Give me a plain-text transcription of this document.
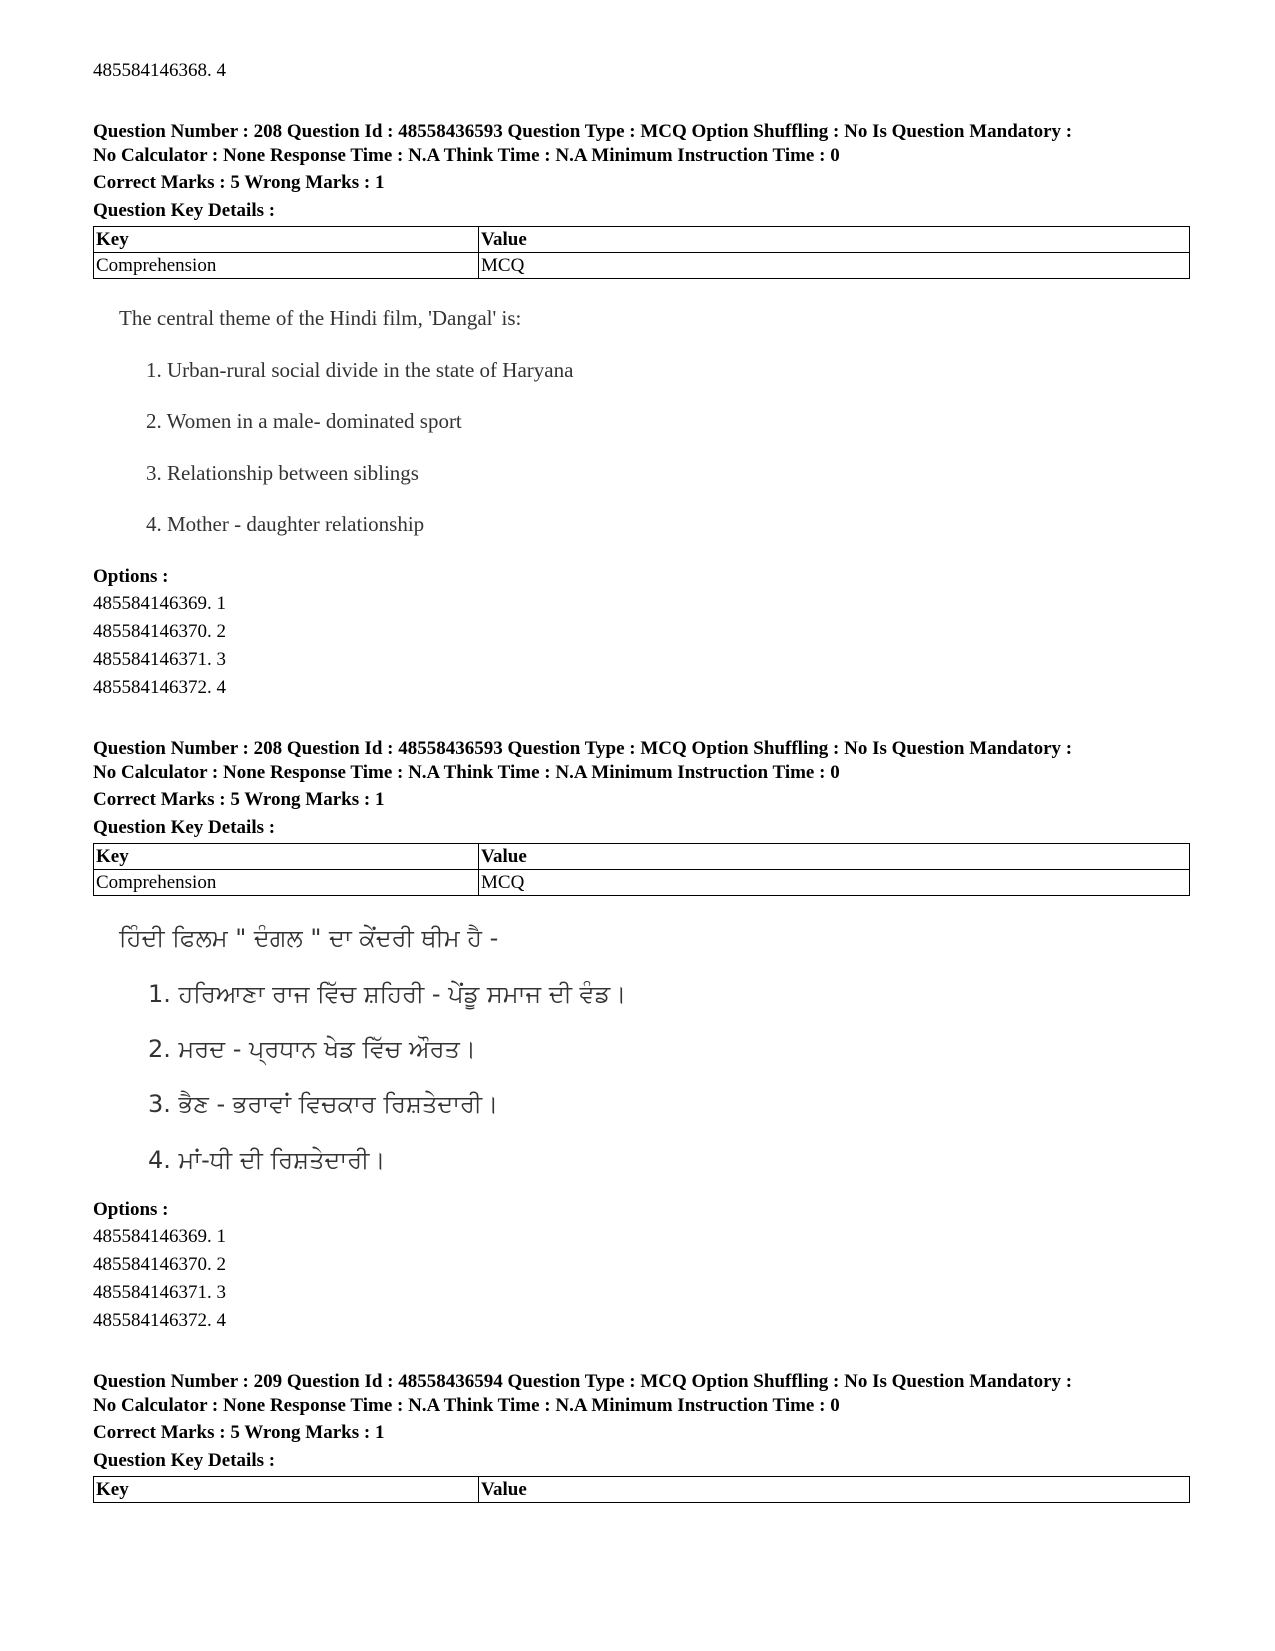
485584146368. 4
Question Number : 208 Question Id : 48558436593 Question Type : MCQ Option Shuffling : No Is Question Mandatory :
No Calculator : None Response Time : N.A Think Time : N.A Minimum Instruction Time : 0
Correct Marks : 5 Wrong Marks : 1
Question Key Details :
Key	Value
Comprehension	MCQ
The central theme of the Hindi film, 'Dangal' is:
1. Urban-rural social divide in the state of Haryana
2. Women in a male- dominated sport
3. Relationship between siblings
4. Mother - daughter relationship
Options :
485584146369. 1
485584146370. 2
485584146371. 3
485584146372. 4
Question Number : 208 Question Id : 48558436593 Question Type : MCQ Option Shuffling : No Is Question Mandatory :
No Calculator : None Response Time : N.A Think Time : N.A Minimum Instruction Time : 0
Correct Marks : 5 Wrong Marks : 1
Question Key Details :
Key	Value
Comprehension	MCQ
ਹਿੰਦੀ ਫਿਲਮ " ਦੰਗਲ " ਦਾ ਕੇਂਦਰੀ ਥੀਮ ਹੈ -
1. ਹਰਿਆਣਾ ਰਾਜ ਵਿੱਚ ਸ਼ਹਿਰੀ - ਪੇਂਡੂ ਸਮਾਜ ਦੀ ਵੰਡ।
2. ਮਰਦ - ਪ੍ਰਧਾਨ ਖੇਡ ਵਿੱਚ ਔਰਤ।
3. ਭੈਣ - ਭਰਾਵਾਂ ਵਿਚਕਾਰ ਰਿਸ਼ਤੇਦਾਰੀ।
4. ਮਾਂ-ਧੀ ਦੀ ਰਿਸ਼ਤੇਦਾਰੀ।
Options :
485584146369. 1
485584146370. 2
485584146371. 3
485584146372. 4
Question Number : 209 Question Id : 48558436594 Question Type : MCQ Option Shuffling : No Is Question Mandatory :
No Calculator : None Response Time : N.A Think Time : N.A Minimum Instruction Time : 0
Correct Marks : 5 Wrong Marks : 1
Question Key Details :
Key	Value
